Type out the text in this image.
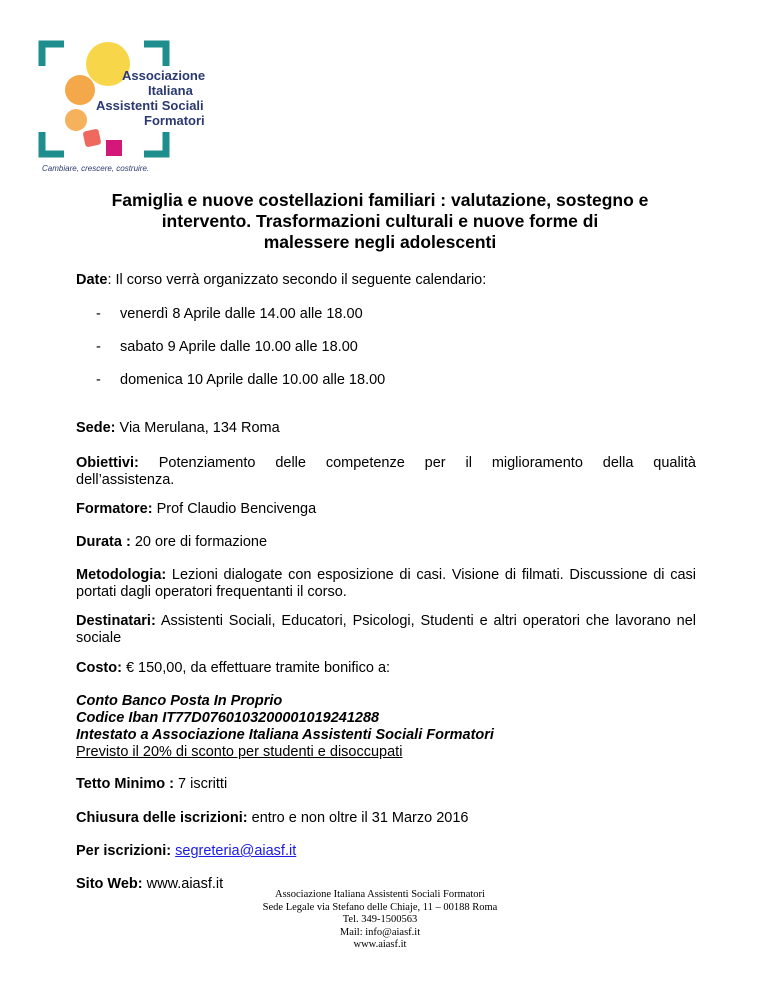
Associazione
Italiana
Assistenti Sociali
Formatori
Cambiare, crescere, costruire.
Famiglia e nuove costellazioni familiari : valutazione, sostegno e
intervento. Trasformazioni culturali e nuove forme di
malessere negli adolescenti
Date: Il corso verrà organizzato secondo il seguente calendario:
- venerdì 8 Aprile dalle 14.00 alle 18.00
- sabato 9 Aprile dalle 10.00 alle 18.00
- domenica 10 Aprile dalle 10.00 alle 18.00
Sede: Via Merulana, 134 Roma
Obiettivi: Potenziamento delle competenze per il miglioramento della qualità
dell’assistenza.
Formatore: Prof Claudio Bencivenga
Durata : 20 ore di formazione
Metodologia: Lezioni dialogate con esposizione di casi. Visione di filmati. Discussione di casi portati dagli operatori frequentanti il corso.
Destinatari: Assistenti Sociali, Educatori, Psicologi, Studenti e altri operatori che lavorano nel sociale
Costo: € 150,00, da effettuare tramite bonifico a:
Conto Banco Posta In Proprio
Codice Iban IT77D0760103200001019241288
Intestato a Associazione Italiana Assistenti Sociali Formatori
Previsto il 20% di sconto per studenti e disoccupati
Tetto Minimo : 7 iscritti
Chiusura delle iscrizioni: entro e non oltre il 31 Marzo 2016
Per iscrizioni: segreteria@aiasf.it
Sito Web: www.aiasf.it
Associazione Italiana Assistenti Sociali Formatori
Sede Legale via Stefano delle Chiaje, 11 – 00188 Roma
Tel. 349-1500563
Mail: info@aiasf.it
www.aiasf.it
